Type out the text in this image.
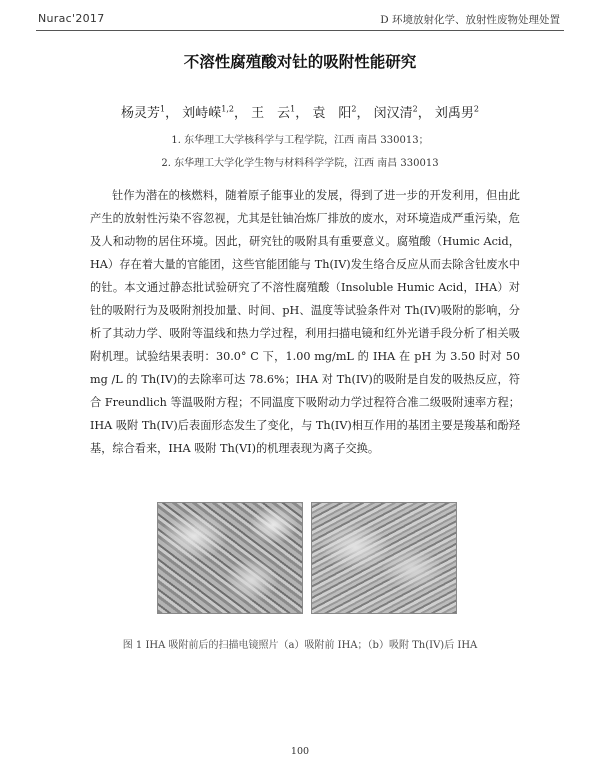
Nurac'2017	D 环境放射化学、放射性废物处理处置
不溶性腐殖酸对钍的吸附性能研究
杨灵芳$^1$， 刘峙嵘$^{1,2}$， 王　云$^1$， 袁　阳$^2$， 闵汉清$^2$， 刘禹男$^2$
1. 东华理工大学核科学与工程学院，江西 南昌 330013；
2. 东华理工大学化学生物与材料科学学院，江西 南昌 330013

钍作为潜在的核燃料，随着原子能事业的发展，得到了进一步的开发利用，但由此产生的放射性污染不容忽视，尤其是钍铀冶炼厂排放的废水，对环境造成严重污染，危及人和动物的居住环境。因此，研究钍的吸附具有重要意义。腐殖酸（Humic Acid，HA）存在着大量的官能团，这些官能团能与 Th(IV)发生络合反应从而去除含钍废水中的钍。本文通过静态批试验研究了不溶性腐殖酸（Insoluble Humic Acid，IHA）对钍的吸附行为及吸附剂投加量、时间、pH、温度等试验条件对 Th(IV)吸附的影响，分析了其动力学、吸附等温线和热力学过程，利用扫描电镜和红外光谱手段分析了相关吸附机理。试验结果表明：30.0° C 下，1.00 mg/mL 的 IHA 在 pH 为 3.50 时对 50 mg /L 的 Th(IV)的去除率可达 78.6%；IHA 对 Th(IV)的吸附是自发的吸热反应，符合 Freundlich 等温吸附方程；不同温度下吸附动力学过程符合准二级吸附速率方程；IHA 吸附 Th(IV)后表面形态发生了变化，与 Th(IV)相互作用的基团主要是羧基和酚羟基，综合看来，IHA 吸附 Th(VI)的机理表现为离子交换。

图 1 IHA 吸附前后的扫描电镜照片（a）吸附前 IHA；（b）吸附 Th(IV)后 IHA
100
